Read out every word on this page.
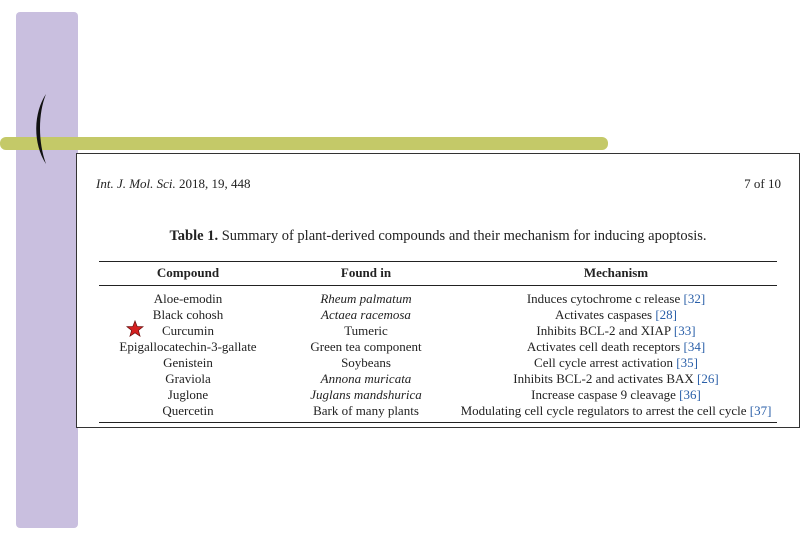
Int. J. Mol. Sci. 2018, 19, 448	7 of 10
Table 1. Summary of plant-derived compounds and their mechanism for inducing apoptosis.
Compound	Found in	Mechanism
Aloe-emodin	Rheum palmatum	Induces cytochrome c release [32]
Black cohosh	Actaea racemosa	Activates caspases [28]

Curcumin	Tumeric	Inhibits BCL-2 and XIAP [33]
Epigallocatechin-3-gallate	Green tea component	Activates cell death receptors [34]
Genistein	Soybeans	Cell cycle arrest activation [35]
Graviola	Annona muricata	Inhibits BCL-2 and activates BAX [26]
Juglone	Juglans mandshurica	Increase caspase 9 cleavage [36]
Quercetin	Bark of many plants	Modulating cell cycle regulators to arrest the cell cycle [37]
